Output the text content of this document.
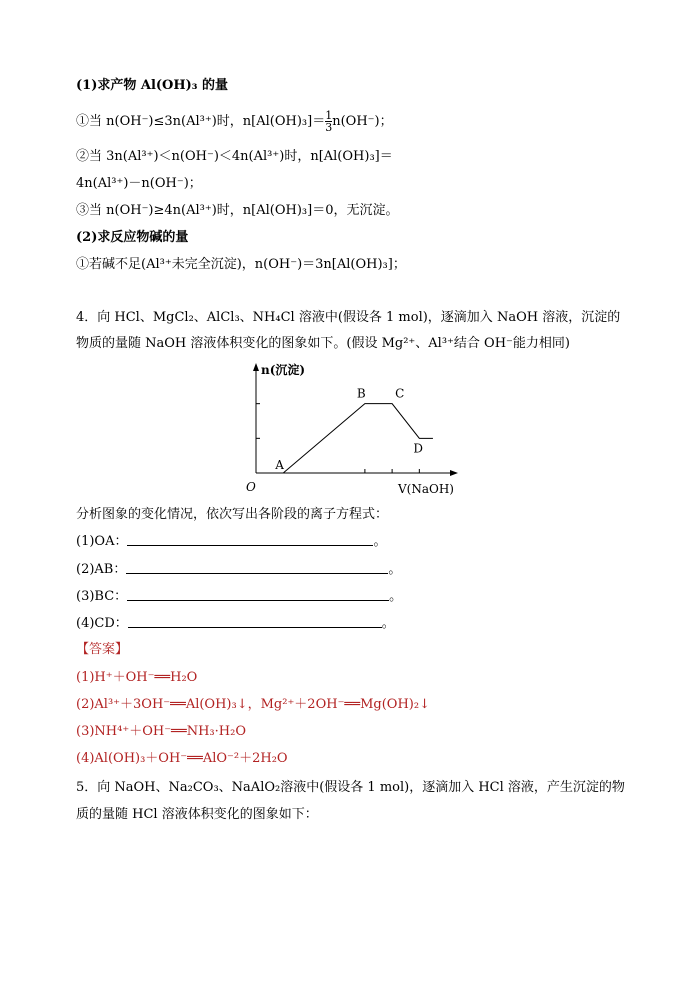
(1)求产物 Al(OH)₃ 的量
①当 n(OH⁻)≤3n(Al³⁺)时，$n[Al(OH)_3]= \frac{1}{3} n(OH^-)$；
②当 3n(Al³⁺)＜n(OH⁻)＜4n(Al³⁺)时，n[Al(OH)₃]＝
4n(Al³⁺)－n(OH⁻)；
③当 n(OH⁻)≥4n(Al³⁺)时，n[Al(OH)₃]＝0，无沉淀。
(2)求反应物碱的量
①若碱不足(Al³⁺未完全沉淀)，n(OH⁻)＝3n[Al(OH)₃]；
4．向 HCl、MgCl₂、AlCl₃、NH₄Cl 溶液中(假设各 1 mol)，逐滴加入 NaOH 溶液，沉淀的
物质的量随 NaOH 溶液体积变化的图象如下。(假设 Mg²⁺、Al³⁺结合 OH⁻能力相同)
n(沉淀)
V(NaOH)
O
A
B C
D
分析图象的变化情况，依次写出各阶段的离子方程式：
(1)OA：	。
(2)AB：	。
(3)BC：	。
(4)CD：	。
【答案】
(1)H⁺＋OH⁻══H₂O
(2)Al³⁺＋3OH⁻══Al(OH)₃↓，Mg²⁺＋2OH⁻══Mg(OH)₂↓
(3)NH⁴⁺＋OH⁻══NH₃·H₂O
(4)Al(OH)₃＋OH⁻══AlO⁻²＋2H₂O
5．向 NaOH、Na₂CO₃、NaAlO₂溶液中(假设各 1 mol)，逐滴加入 HCl 溶液，产生沉淀的物
质的量随 HCl 溶液体积变化的图象如下：
